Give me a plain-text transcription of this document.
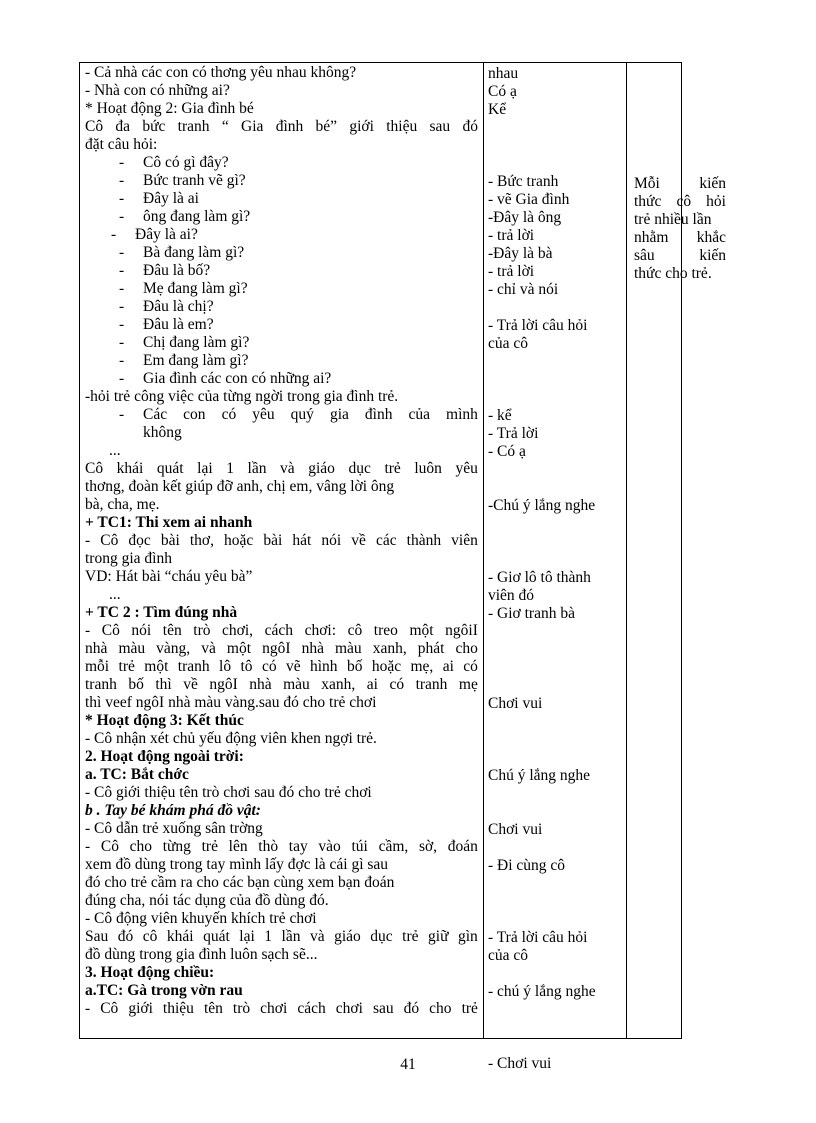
- Cả nhà các con có thơng yêu nhau không?
- Nhà con có những ai?
* Hoạt động 2: Gia đình bé
Cô đa bức tranh “ Gia đình bé” giới thiệu sau đó
đặt câu hỏi:
- Cô có gì đây?
- Bức tranh vẽ gì?
- Đây là ai
- ông đang làm gì?
- Đây là ai?
- Bà đang làm gì?
- Đâu là bố?
- Mẹ đang làm gì?
- Đâu là chị?
- Đâu là em?
- Chị đang làm gì?
- Em đang làm gì?
- Gia đình các con có những ai?
-hỏi trẻ công việc của từng ngời trong gia đình trẻ.
- Các con có yêu quý gia đình của mình
không
...
Cô khái quát lại 1 lần và giáo dục trẻ luôn yêu
thơng, đoàn kết giúp đỡ anh, chị em, vâng lời ông
bà, cha, mẹ.
+ TC1: Thi xem ai nhanh
- Cô đọc bài thơ, hoặc bài hát nói về các thành viên
trong gia đình
VD: Hát bài “cháu yêu bà”
...
+ TC 2 : Tìm đúng nhà
- Cô nói tên trò chơi, cách chơi: cô treo một ngôiI
nhà màu vàng, và một ngôI nhà màu xanh, phát cho
mỗi trẻ một tranh lô tô có vẽ hình bố hoặc mẹ, ai có
tranh bố thì về ngôI nhà màu xanh, ai có tranh mẹ
thì veef ngôI nhà màu vàng.sau đó cho trẻ chơi
* Hoạt động 3: Kết thúc
- Cô nhận xét chủ yếu động viên khen ngợi trẻ.
2. Hoạt động ngoài trời:
a. TC: Bắt chớc
- Cô giới thiệu tên trò chơi sau đó cho trẻ chơi
b . Tay bé khám phá đồ vật:
- Cô dẫn trẻ xuống sân trờng
- Cô cho từng trẻ lên thò tay vào túi cầm, sờ, đoán
xem đồ dùng trong tay mình lấy đợc là cái gì sau
đó cho trẻ cầm ra cho các bạn cùng xem bạn đoán
đúng cha, nói tác dụng của đồ dùng đó.
- Cô động viên khuyến khích trẻ chơi
Sau đó cô khái quát lại 1 lần và giáo dục trẻ giữ gìn
đồ dùng trong gia đình luôn sạch sẽ...
3. Hoạt động chiều:
a.TC: Gà trong vờn rau
- Cô giới thiệu tên trò chơi cách chơi sau đó cho trẻ
nhau
Có ạ
Kể
- Bức tranh
- vẽ Gia đình
-Đây là ông
- trả lời
-Đây là bà
- trả lời
- chỉ và nói
- Trả lời câu hỏi
của cô
- kể
- Trả lời
- Có ạ
-Chú ý lắng nghe
- Giơ lô tô thành
viên đó
- Giơ tranh bà
Chơi vui
Chú ý lắng nghe
Chơi vui
- Đi cùng cô
- Trả lời câu hỏi
của cô
- chú ý lắng nghe
- Chơi vui
Mỗi	kiến
thức cô hỏi
trẻ nhiều lần
nhằm khắc
sâu	kiến
thức cho trẻ.
41
